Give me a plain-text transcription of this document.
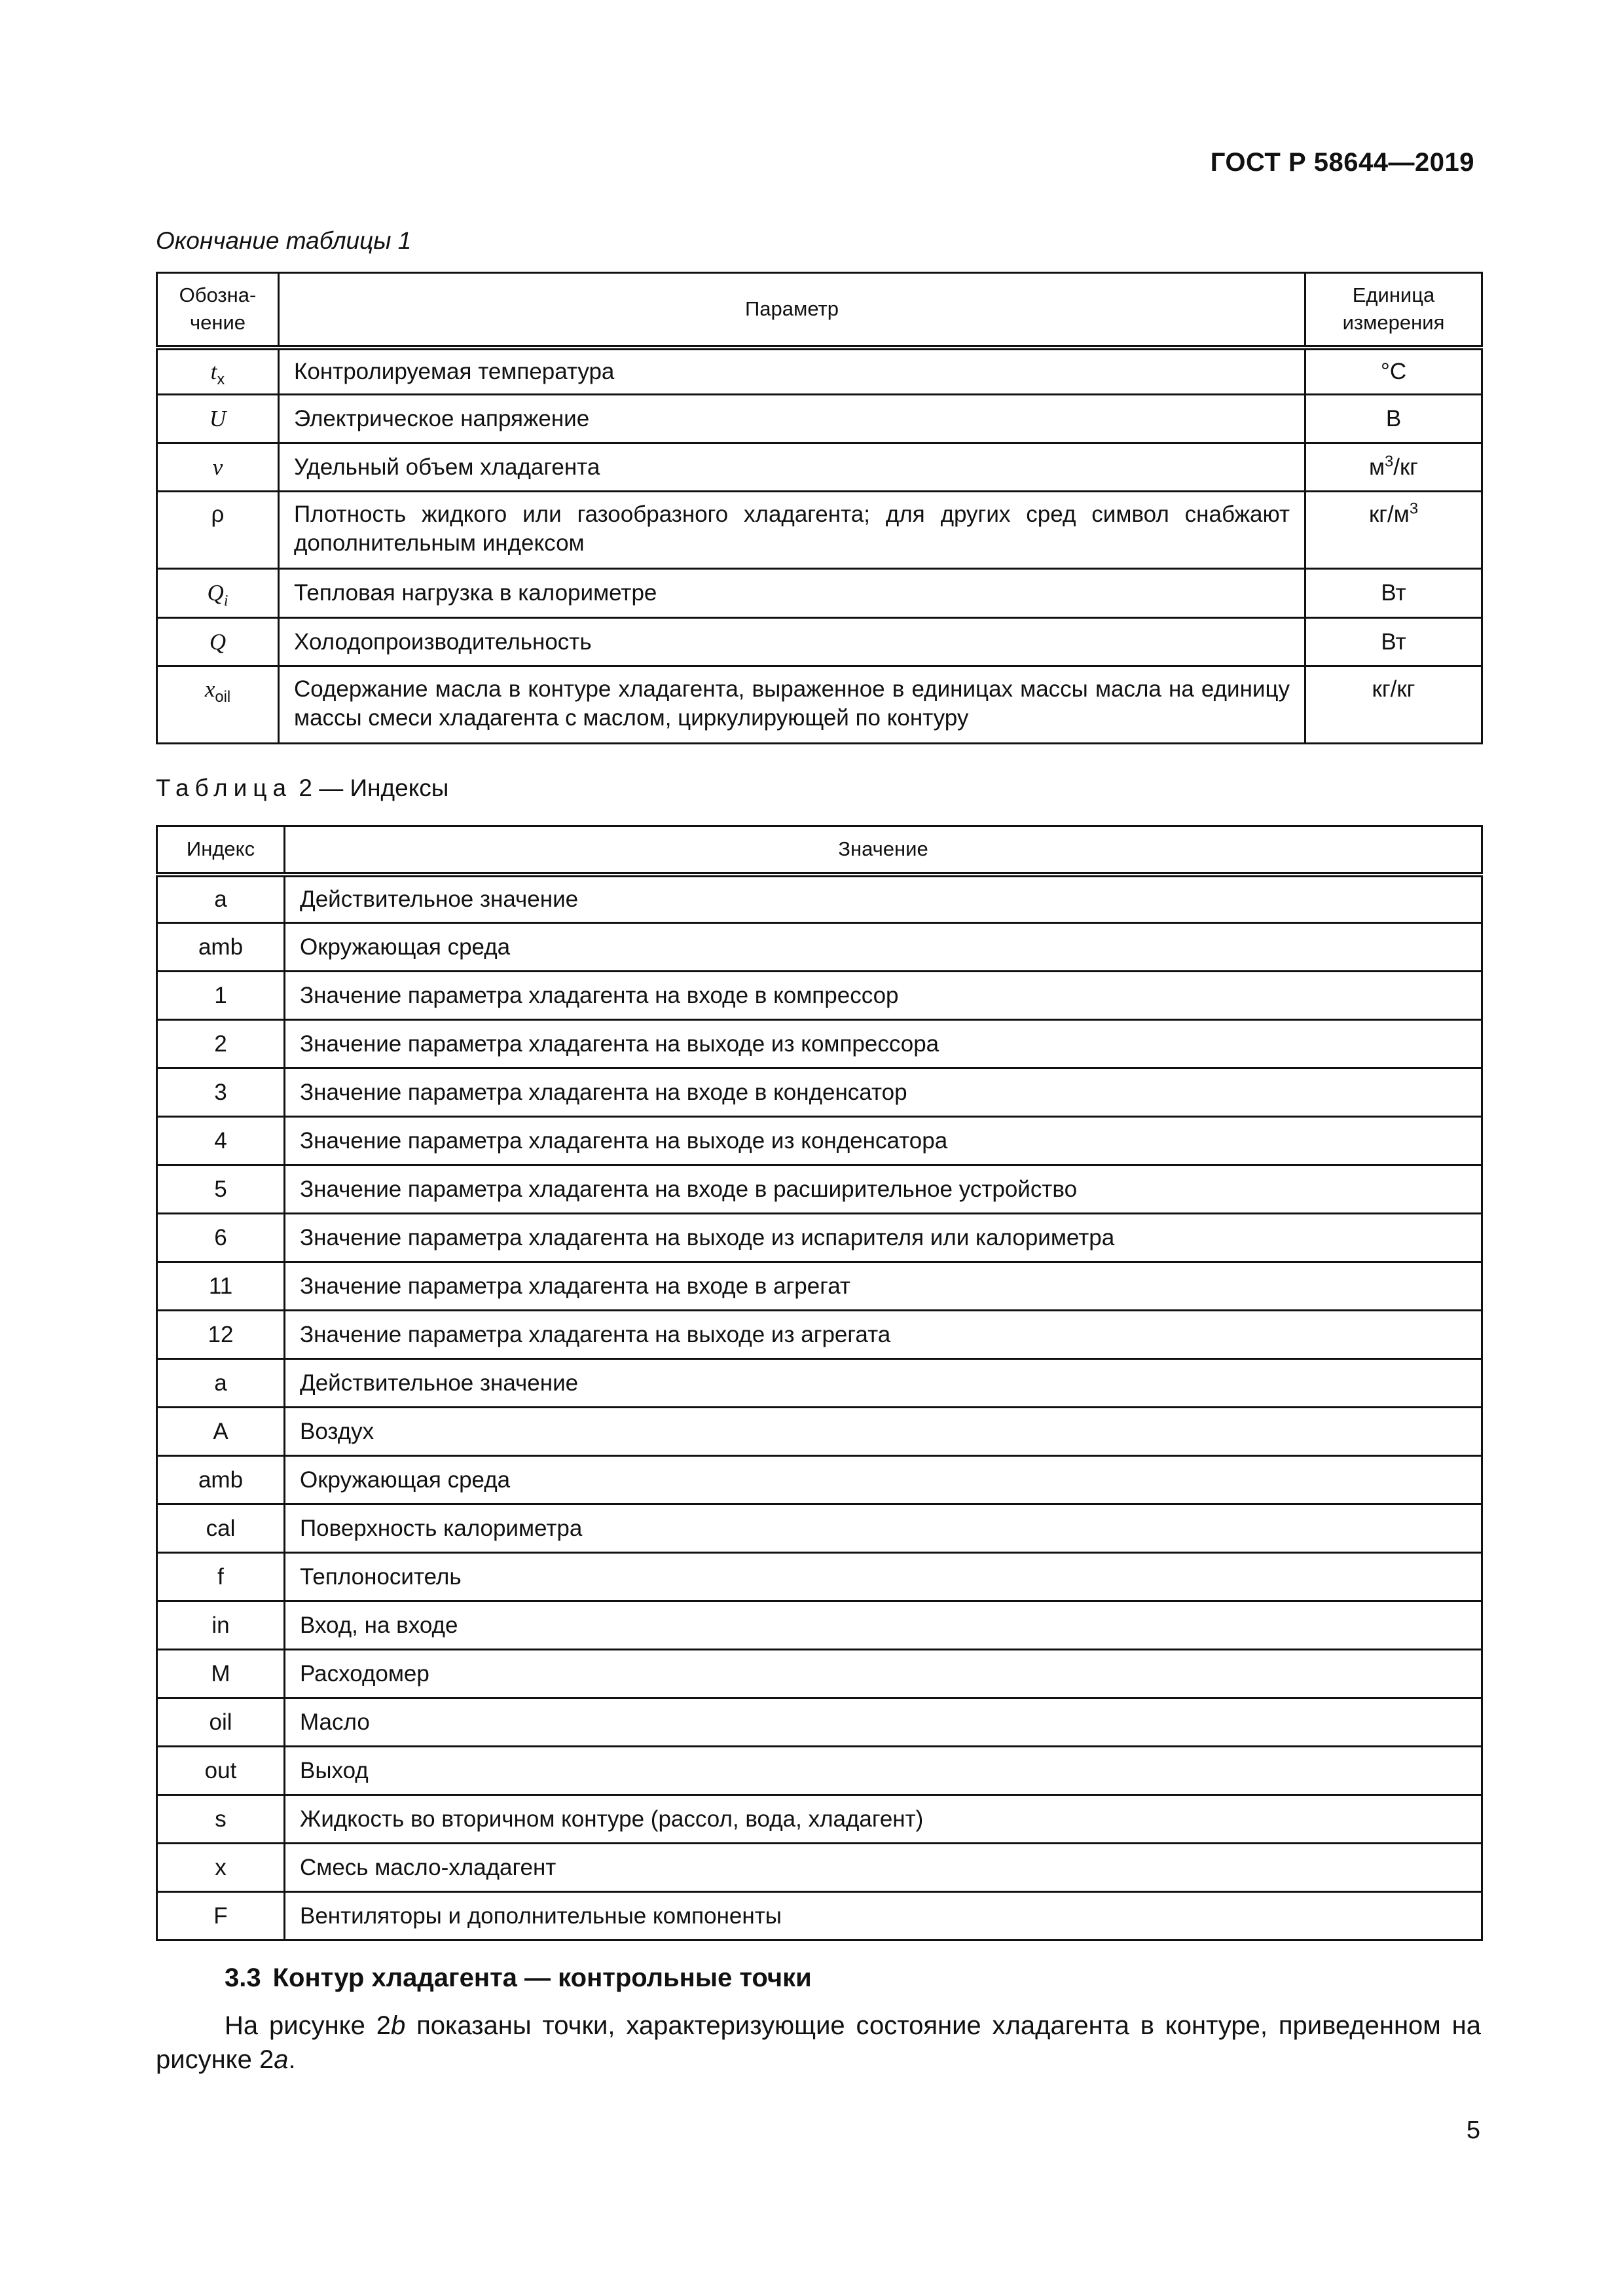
ГОСТ Р 58644—2019
Окончание таблицы 1
Обозна-
чение	Параметр	Единица
измерения
$t_x$	Контролируемая температура	°C
U	Электрическое напряжение	В
v	Удельный объем хладагента	$м^3/кг$
ρ	Плотность жидкого или газообразного хладагента; для других сред символ снабжают дополнительным индексом	$кг/м^3$
$Q_i$	Тепловая нагрузка в калориметре	Вт
Q	Холодопроизводительность	Вт
$x_{oil}$	Содержание масла в контуре хладагента, выраженное в единицах массы масла на единицу массы смеси хладагента с маслом, циркулирующей по контуру	кг/кг
Таблица 2 — Индексы
Индекс	Значение
a	Действительное значение
amb	Окружающая среда
1	Значение параметра хладагента на входе в компрессор
2	Значение параметра хладагента на выходе из компрессора
3	Значение параметра хладагента на входе в конденсатор
4	Значение параметра хладагента на выходе из конденсатора
5	Значение параметра хладагента на входе в расширительное устройство
6	Значение параметра хладагента на выходе из испарителя или калориметра
11	Значение параметра хладагента на входе в агрегат
12	Значение параметра хладагента на выходе из агрегата
a	Действительное значение
A	Воздух
amb	Окружающая среда
cal	Поверхность калориметра
f	Теплоноситель
in	Вход, на входе
M	Расходомер
oil	Масло
out	Выход
s	Жидкость во вторичном контуре (рассол, вода, хладагент)
x	Смесь масло-хладагент
F	Вентиляторы и дополнительные компоненты
3.3 Контур хладагента — контрольные точки
На рисунке 2b показаны точки, характеризующие состояние хладагента в контуре, приведенном на рисунке 2a.
5
